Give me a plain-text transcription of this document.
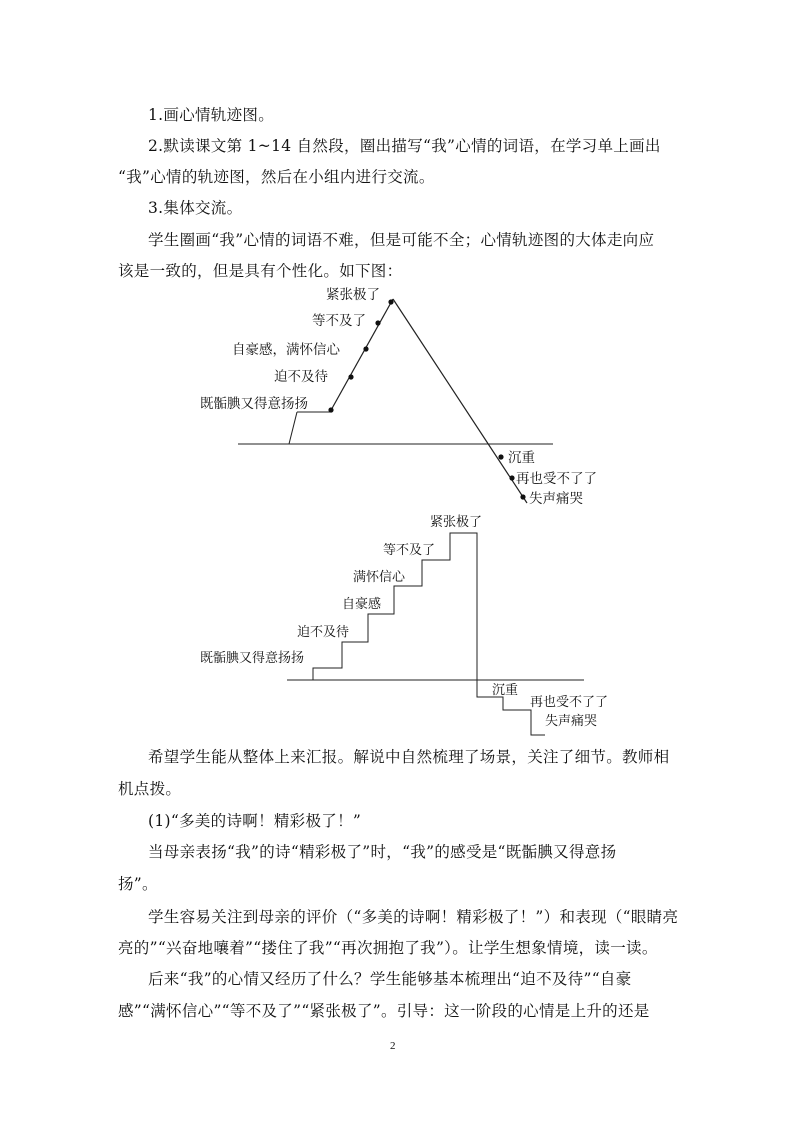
1.画心情轨迹图。
2.默读课文第 1~14 自然段，圈出描写“我”心情的词语，在学习单上画出
“我”心情的轨迹图，然后在小组内进行交流。
3.集体交流。
学生圈画“我”心情的词语不难，但是可能不全；心情轨迹图的大体走向应
该是一致的，但是具有个性化。如下图：
紧张极了
等不及了
自豪感，满怀信心
迫不及待
既骺腆又得意扬扬
沉重
再也受不了了
失声痛哭
既骺腆又得意扬扬
迫不及待
自豪感
满怀信心
等不及了
紧张极了
沉重
再也受不了了
失声痛哭
希望学生能从整体上来汇报。解说中自然梳理了场景，关注了细节。教师相
机点拨。
(1)“多美的诗啊！精彩极了！”
当母亲表扬“我”的诗“精彩极了”时，“我”的感受是“既骺腆又得意扬
扬”。
学生容易关注到母亲的评价（“多美的诗啊！精彩极了！”）和表现（“眼睛亮
亮的”“兴奋地嚷着”“搂住了我”“再次拥抱了我”）。让学生想象情境，读一读。
后来“我”的心情又经历了什么？学生能够基本梳理出“迫不及待”“自豪
感”“满怀信心”“等不及了”“紧张极了”。引导：这一阶段的心情是上升的还是
2
